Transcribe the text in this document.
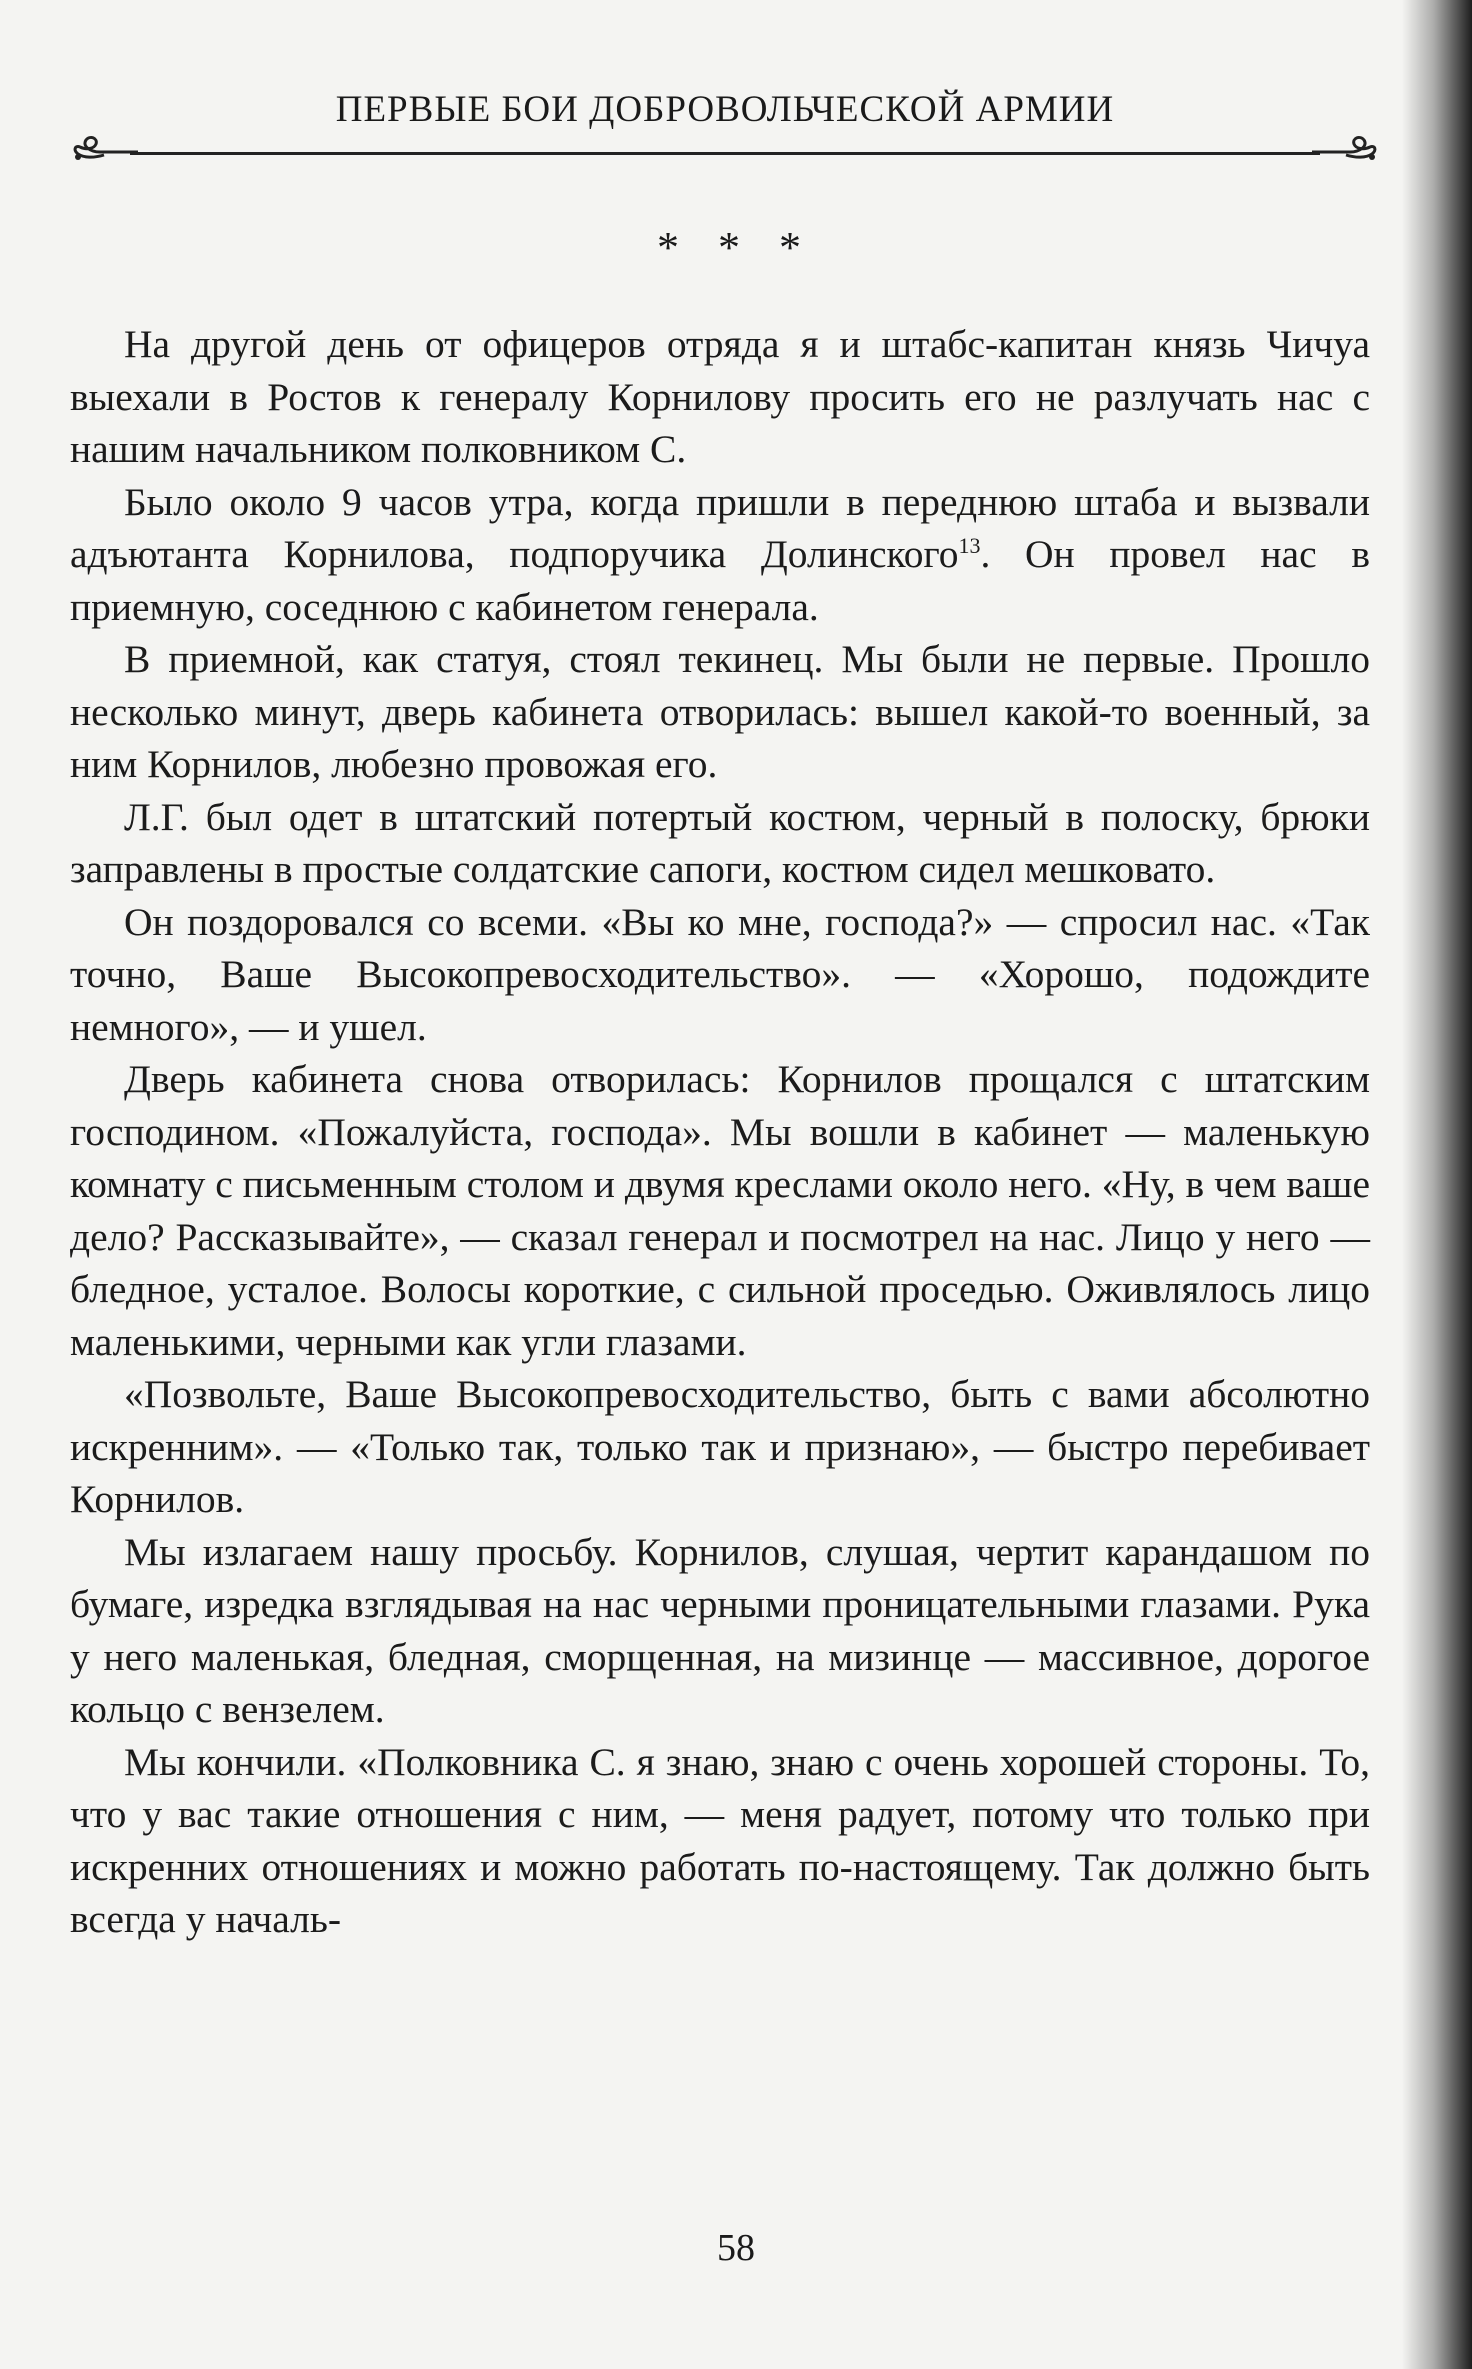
ПЕРВЫЕ БОИ ДОБРОВОЛЬЧЕСКОЙ АРМИИ
* * *

На другой день от офицеров отряда я и штабс-капитан князь Чичуа выехали в Ростов к генералу Корнилову просить его не разлучать нас с нашим начальником полковником С.

Было около 9 часов утра, когда пришли в переднюю штаба и вызвали адъютанта Корнилова, подпоручика Долинского$^{13}$. Он провел нас в приемную, соседнюю с кабинетом генерала.

В приемной, как статуя, стоял текинец. Мы были не первые. Прошло несколько минут, дверь кабинета отворилась: вышел какой-то военный, за ним Корнилов, любезно провожая его.

Л.Г. был одет в штатский потертый костюм, черный в полоску, брюки заправлены в простые солдатские сапоги, костюм сидел мешковато.

Он поздоровался со всеми. «Вы ко мне, господа?» — спросил нас. «Так точно, Ваше Высокопревосходительство». — «Хорошо, подождите немного», — и ушел.

Дверь кабинета снова отворилась: Корнилов прощался с штатским господином. «Пожалуйста, господа». Мы вошли в кабинет — маленькую комнату с письменным столом и двумя креслами около него. «Ну, в чем ваше дело? Рассказывайте», — сказал генерал и посмотрел на нас. Лицо у него — бледное, усталое. Волосы короткие, с сильной проседью. Оживлялось лицо маленькими, черными как угли глазами.

«Позвольте, Ваше Высокопревосходительство, быть с вами абсолютно искренним». — «Только так, только так и признаю», — быстро перебивает Корнилов.

Мы излагаем нашу просьбу. Корнилов, слушая, чертит карандашом по бумаге, изредка взглядывая на нас черными проницательными глазами. Рука у него маленькая, бледная, сморщенная, на мизинце — массивное, дорогое кольцо с вензелем.

Мы кончили. «Полковника С. я знаю, знаю с очень хорошей стороны. То, что у вас такие отношения с ним, — меня радует, потому что только при искренних отношениях и можно работать по-настоящему. Так должно быть всегда у началь-

58
